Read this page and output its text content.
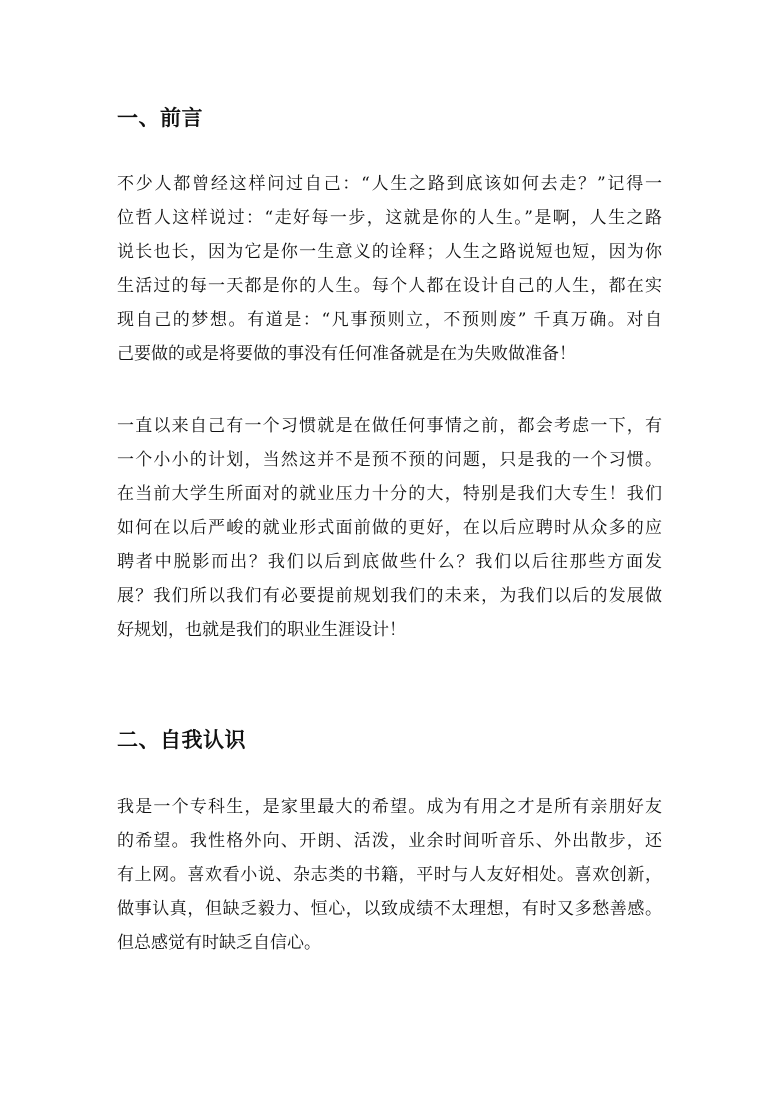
一、前言
不少人都曾经这样问过自己：“人生之路到底该如何去走？”记得一
位哲人这样说过：“走好每一步，这就是你的人生。”是啊，人生之路
说长也长，因为它是你一生意义的诠释；人生之路说短也短，因为你
生活过的每一天都是你的人生。每个人都在设计自己的人生，都在实
现自己的梦想。有道是：“凡事预则立，不预则废” 千真万确。对自
己要做的或是将要做的事没有任何准备就是在为失败做准备！
一直以来自己有一个习惯就是在做任何事情之前，都会考虑一下，有
一个小小的计划，当然这并不是预不预的问题，只是我的一个习惯。
在当前大学生所面对的就业压力十分的大，特别是我们大专生！我们
如何在以后严峻的就业形式面前做的更好，在以后应聘时从众多的应
聘者中脱影而出？我们以后到底做些什么？我们以后往那些方面发
展？我们所以我们有必要提前规划我们的未来，为我们以后的发展做
好规划，也就是我们的职业生涯设计！
二、自我认识
我是一个专科生，是家里最大的希望。成为有用之才是所有亲朋好友
的希望。我性格外向、开朗、活泼，业余时间听音乐、外出散步，还
有上网。喜欢看小说、杂志类的书籍，平时与人友好相处。喜欢创新，
做事认真，但缺乏毅力、恒心，以致成绩不太理想，有时又多愁善感。
但总感觉有时缺乏自信心。
